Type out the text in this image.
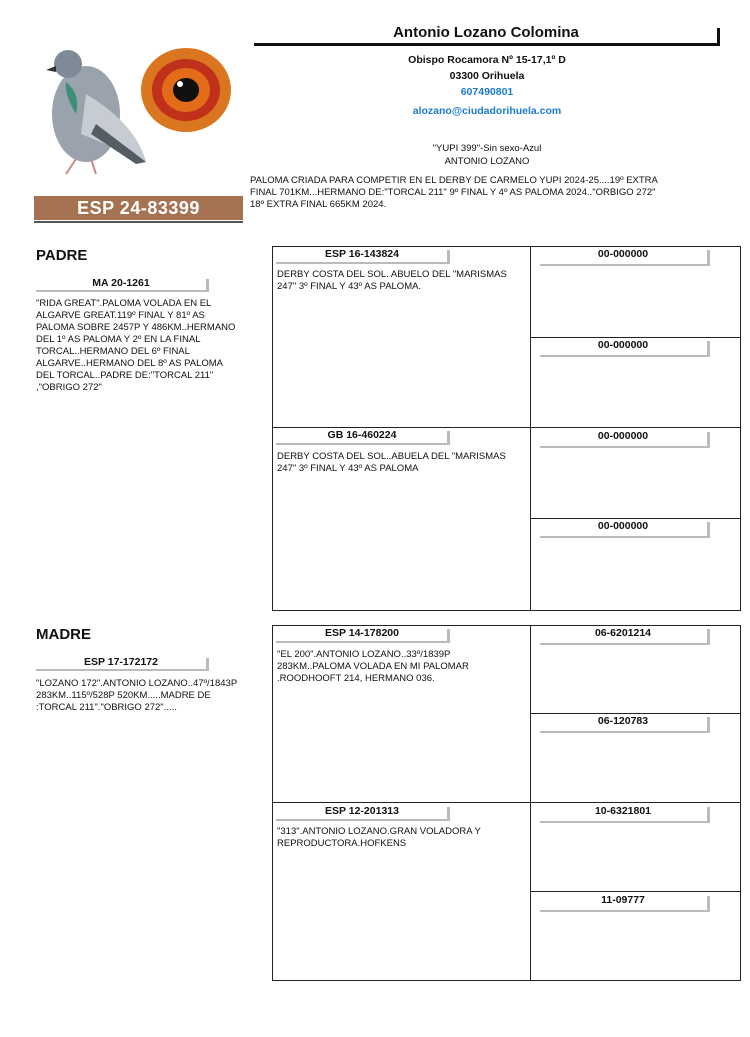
Antonio Lozano Colomina
Obispo Rocamora Nº 15-17,1º D
03300 Orihuela
607490801
alozano@ciudadorihuela.com
"YUPI 399"-Sin sexo-Azul
ANTONIO LOZANO
PALOMA CRIADA PARA COMPETIR EN EL DERBY DE CARMELO YUPI 2024-25....19º EXTRA FINAL 701KM...HERMANO DE:"TORCAL 211" 9º FINAL Y 4º AS PALOMA 2024.."ORBIGO 272" 18º EXTRA FINAL 665KM 2024.
ESP 24-83399
PADRE
MA 20-1261
"RIDA GREAT".PALOMA VOLADA EN EL ALGARVE GREAT.119º FINAL Y 81º AS PALOMA SOBRE 2457P Y 486KM..HERMANO DEL 1º AS PALOMA Y 2º EN LA FINAL TORCAL..HERMANO DEL 6º FINAL ALGARVE..HERMANO DEL 8º AS PALOMA DEL TORCAL..PADRE DE:"TORCAL 211" ,"OBRIGO 272"
ESP 16-143824
DERBY COSTA DEL SOL. ABUELO DEL "MARISMAS 247" 3º FINAL Y 43º AS PALOMA.
GB 16-460224
DERBY COSTA DEL SOL..ABUELA DEL "MARISMAS 247" 3º FINAL Y 43º AS PALOMA
00-000000
00-000000
00-000000
00-000000
MADRE
ESP 17-172172
"LOZANO 172".ANTONIO LOZANO..47º/1843P 283KM..115º/528P 520KM.....MADRE DE :TORCAL 211"."OBRIGO 272".....
ESP 14-178200
"EL 200".ANTONIO LOZANO..33º/1839P 283KM..PALOMA VOLADA EN MI PALOMAR .ROODHOOFT 214, HERMANO 036.
ESP 12-201313
"313".ANTONIO LOZANO.GRAN VOLADORA Y REPRODUCTORA.HOFKENS
06-6201214
06-120783
10-6321801
11-09777
